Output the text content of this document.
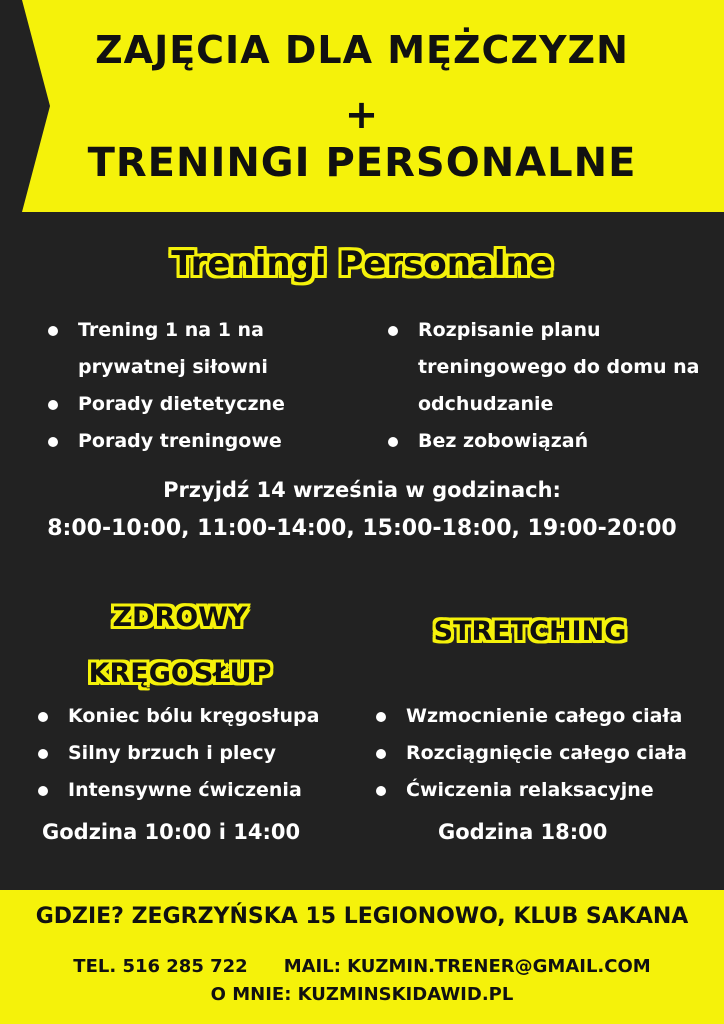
ZAJĘCIA DLA MĘŻCZYZN
+
TRENINGI PERSONALNE
Treningi Personalne
Trening 1 na 1 na prywatnej siłowni
Porady dietetyczne
Porady treningowe
Rozpisanie planu treningowego do domu na odchudzanie
Bez zobowiązań
Przyjdź 14 września w godzinach:
8:00-10:00, 11:00-14:00, 15:00-18:00, 19:00-20:00
ZDROWY
KRĘGOSŁUP
STRETCHING
Koniec bólu kręgosłupa
Silny brzuch i plecy
Intensywne ćwiczenia
Wzmocnienie całego ciała
Rozciągnięcie całego ciała
Ćwiczenia relaksacyjne
Godzina 10:00 i 14:00	Godzina 18:00
GDZIE? ZEGRZYŃSKA 15 LEGIONOWO, KLUB SAKANA
TEL. 516 285 722 MAIL: KUZMIN.TRENER@GMAIL.COM
O MNIE: KUZMINSKIDAWID.PL
